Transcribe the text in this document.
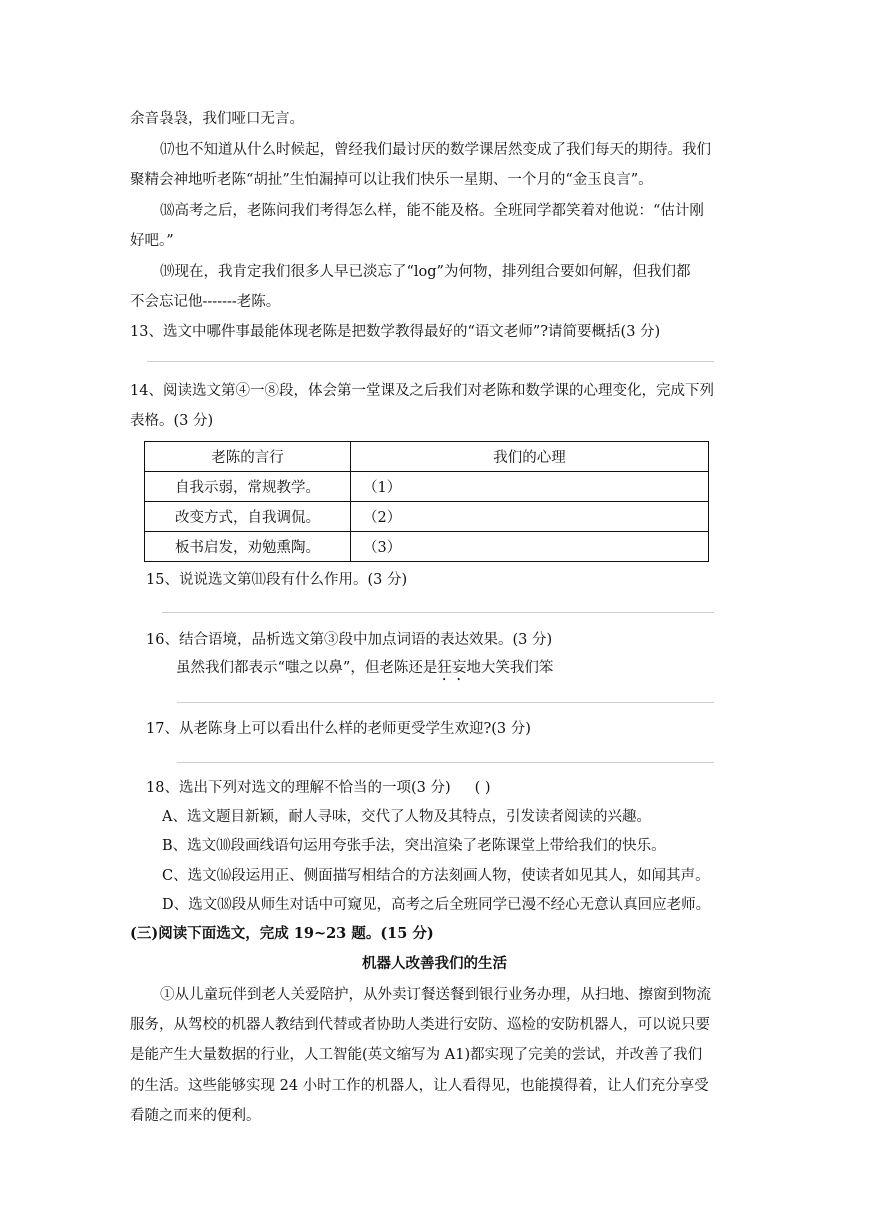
余音袅袅，我们哑口无言。
⒄也不知道从什么时候起，曾经我们最讨厌的数学课居然变成了我们每天的期待。我们
聚精会神地听老陈“胡扯”生怕漏掉可以让我们快乐一星期、一个月的“金玉良言”。
⒅高考之后，老陈问我们考得怎么样，能不能及格。全班同学都笑着对他说：“估计刚
好吧。”
⒆现在，我肯定我们很多人早已淡忘了“log”为何物，排列组合要如何解，但我们都
不会忘记他-------老陈。
13、选文中哪件事最能体现老陈是把数学教得最好的“语文老师”?请简要概括(3 分)
14、阅读选文第④一⑧段，体会第一堂课及之后我们对老陈和数学课的心理变化，完成下列
表格。(3 分)
老陈的言行	我们的心理
自我示弱，常规教学。	（1）
改变方式，自我调侃。	（2）
板书启发，劝勉熏陶。	（3）
15、说说选文第⑾段有什么作用。(3 分)
16、结合语境，品析选文第③段中加点词语的表达效果。(3 分)
虽然我们都表示“嗤之以鼻”，但老陈还是狂妄地大笑我们笨
17、从老陈身上可以看出什么样的老师更受学生欢迎?(3 分)
18、选出下列对选文的理解不恰当的一项(3 分) ( )
A、选文题目新颖，耐人寻味，交代了人物及其特点，引发读者阅读的兴趣。
B、选文⑽段画线语句运用夸张手法，突出渲染了老陈课堂上带给我们的快乐。
C、选文⒃段运用正、侧面描写相结合的方法刻画人物，使读者如见其人，如闻其声。
D、选文⒅段从师生对话中可窥见，高考之后全班同学已漫不经心无意认真回应老师。
(三)阅读下面选文，完成 19~23 题。(15 分)
机器人改善我们的生活
①从儿童玩伴到老人关爱陪护，从外卖订餐送餐到银行业务办理，从扫地、擦窗到物流
服务，从驾校的机器人教结到代替或者协助人类进行安防、巡检的安防机器人，可以说只要
是能产生大量数据的行业，人工智能(英文缩写为 A1)都实现了完美的尝试，并改善了我们
的生活。这些能够实现 24 小时工作的机器人，让人看得见，也能摸得着，让人们充分享受
看随之而来的便利。
